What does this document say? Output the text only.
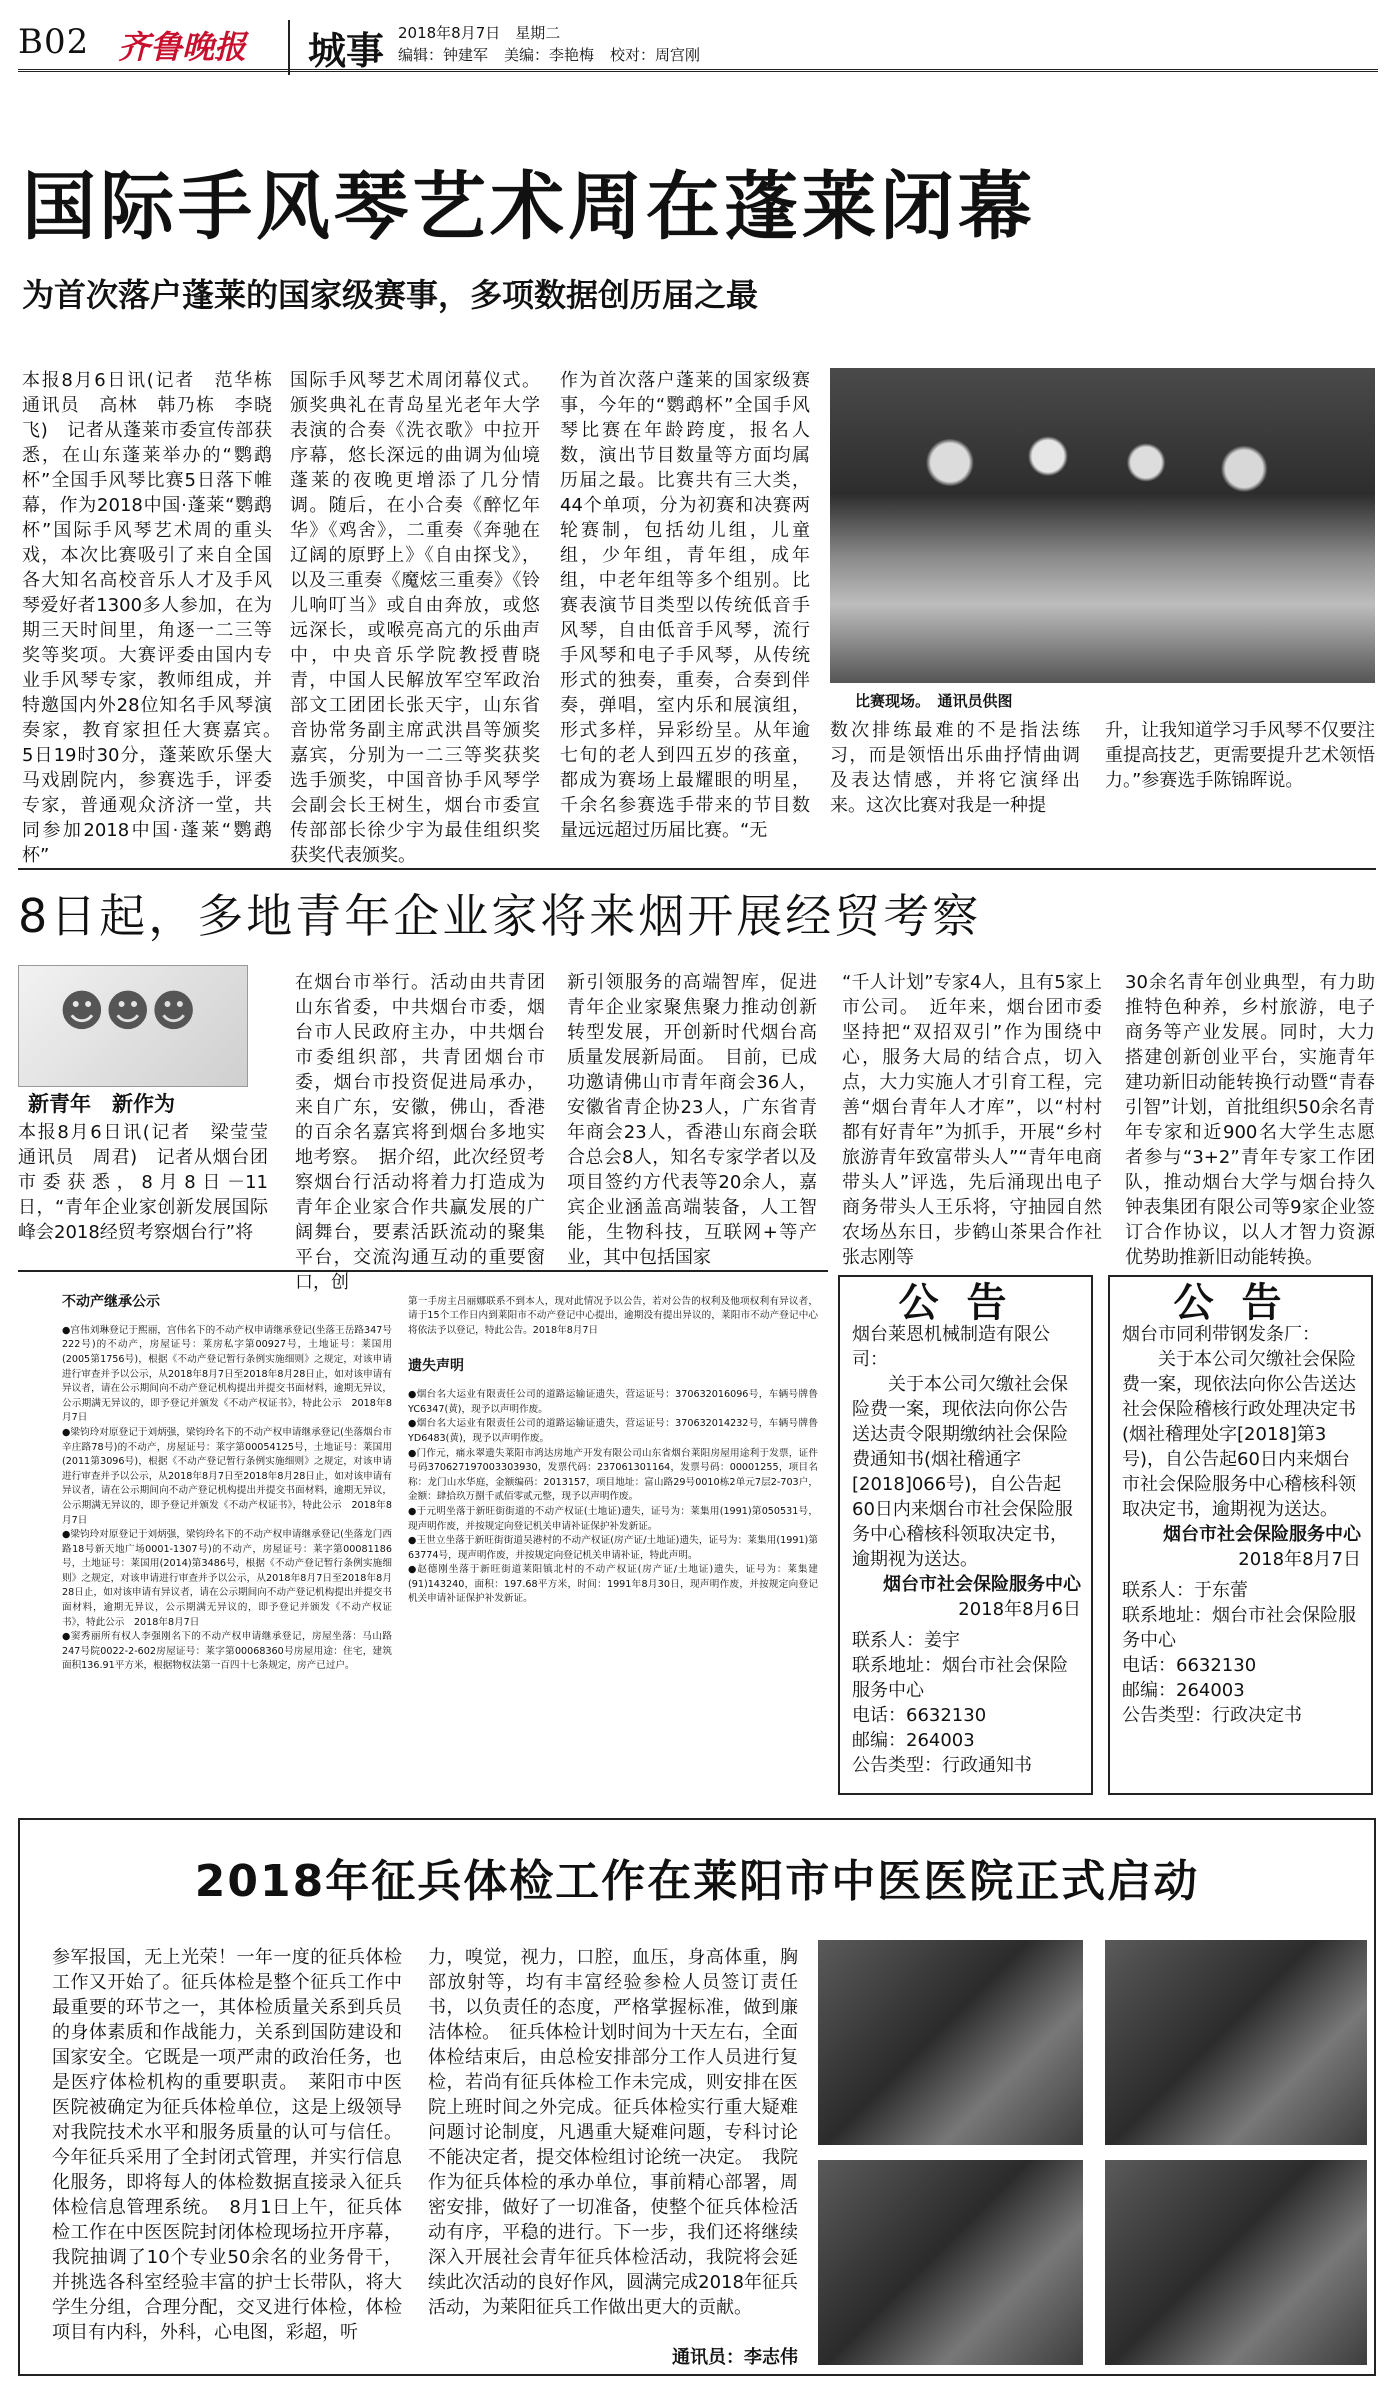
B02 齐鲁晚报	城事 2018年8月7日　 星期二
编辑：钟建军 美编：李艳梅 校对：周宫刚
国际手风琴艺术周在蓬莱闭幕
为首次落户蓬莱的国家级赛事，多项数据创历届之最
本报8月6日讯(记者　范华栋　通讯员　高林　韩乃栋　李晓飞)　记者从蓬莱市委宣传部获悉，在山东蓬莱举办的“鹦鹉杯”全国手风琴比赛5日落下帷幕，作为2018中国·蓬莱“鹦鹉杯”国际手风琴艺术周的重头戏，本次比赛吸引了来自全国各大知名高校音乐人才及手风琴爱好者1300多人参加，在为期三天时间里，角逐一二三等奖等奖项。大赛评委由国内专业手风琴专家，教师组成，并特邀国内外28位知名手风琴演奏家，教育家担任大赛嘉宾。　5日19时30分，蓬莱欧乐堡大马戏剧院内，参赛选手，评委专家，普通观众济济一堂，共同参加2018中国·蓬莱“鹦鹉杯”
国际手风琴艺术周闭幕仪式。颁奖典礼在青岛星光老年大学表演的合奏《洗衣歌》中拉开序幕，悠长深远的曲调为仙境蓬莱的夜晚更增添了几分情调。随后，在小合奏《醉忆年华》《鸡舍》，二重奏《奔驰在辽阔的原野上》《自由探戈》，以及三重奏《魔炫三重奏》《铃儿响叮当》或自由奔放，或悠远深长，或喉亮高亢的乐曲声中，中央音乐学院教授曹晓青，中国人民解放军空军政治部文工团团长张天宇，山东省音协常务副主席武洪昌等颁奖嘉宾，分别为一二三等奖获奖选手颁奖，中国音协手风琴学会副会长王树生，烟台市委宣传部部长徐少宇为最佳组织奖获奖代表颁奖。
作为首次落户蓬莱的国家级赛事，今年的“鹦鹉杯”全国手风琴比赛在年龄跨度，报名人数，演出节目数量等方面均属历届之最。比赛共有三大类，44个单项，分为初赛和决赛两轮赛制，包括幼儿组，儿童组，少年组，青年组，成年组，中老年组等多个组别。比赛表演节目类型以传统低音手风琴，自由低音手风琴，流行手风琴和电子手风琴，从传统形式的独奏，重奏，合奏到伴奏，弹唱，室内乐和展演组，形式多样，异彩纷呈。从年逾七旬的老人到四五岁的孩童，都成为赛场上最耀眼的明星，千余名参赛选手带来的节目数量远远超过历届比赛。“无
比赛现场。　通讯员供图
数次排练最难的不是指法练习，而是领悟出乐曲抒情曲调及表达情感，并将它演绎出来。这次比赛对我是一种提
升，让我知道学习手风琴不仅要注重提高技艺，更需要提升艺术领悟力。”参赛选手陈锦晖说。
8日起，多地青年企业家将来烟开展经贸考察
☻☻☻
新青年　新作为
本报8月6日讯(记者　梁莹莹　通讯员　周君)　记者从烟台团市委获悉，8月8日－11日，“青年企业家创新发展国际峰会2018经贸考察烟台行”将
在烟台市举行。活动由共青团山东省委，中共烟台市委，烟台市人民政府主办，中共烟台市委组织部，共青团烟台市委，烟台市投资促进局承办，来自广东，安徽，佛山，香港的百余名嘉宾将到烟台多地实地考察。　据介绍，此次经贸考察烟台行活动将着力打造成为青年企业家合作共赢发展的广阔舞台，要素活跃流动的聚集平台，交流沟通互动的重要窗口，创
新引领服务的高端智库，促进青年企业家聚焦聚力推动创新转型发展，开创新时代烟台高质量发展新局面。　目前，已成功邀请佛山市青年商会36人，安徽省青企协23人，广东省青年商会23人，香港山东商会联合总会8人，知名专家学者以及项目签约方代表等20余人，嘉宾企业涵盖高端装备，人工智能，生物科技，互联网+等产业，其中包括国家
“千人计划”专家4人，且有5家上市公司。　近年来，烟台团市委坚持把“双招双引”作为围绕中心，服务大局的结合点，切入点，大力实施人才引育工程，完善“烟台青年人才库”，以“村村都有好青年”为抓手，开展“乡村旅游青年致富带头人”“青年电商带头人”评选，先后涌现出电子商务带头人王乐将，守抽园自然农场丛东日，步鹤山茶果合作社张志刚等
30余名青年创业典型，有力助推特色种养，乡村旅游，电子商务等产业发展。同时，大力搭建创新创业平台，实施青年建功新旧动能转换行动暨“青春引智”计划，首批组织50余名青年专家和近900名大学生志愿者参与“3+2”青年专家工作团队，推动烟台大学与烟台持久钟表集团有限公司等9家企业签订合作协议，以人才智力资源优势助推新旧动能转换。

不动产继承公示

●宫伟刘琳登记于熙丽，宫伟名下的不动产权申请继承登记(坐落王岳路347号222号)的不动产，房屋证号：莱房私字第00927号，土地证号：莱国用(2005第1756号)，根据《不动产登记暂行条例实施细则》之规定，对该申请进行审查并予以公示，从2018年8月7日至2018年8月28日止，如对该申请有异议者，请在公示期间向不动产登记机构提出并提交书面材料，逾期无异议，公示期满无异议的，即予登记并颁发《不动产权证书》，特此公示　2018年8月7日
●梁钧玲对原登记于刘炳强，梁钧玲名下的不动产权申请继承登记(坐落烟台市辛庄路78号)的不动产，房屋证号：莱字第00054125号，土地证号：莱国用(2011第3096号)，根据《不动产登记暂行条例实施细则》之规定，对该申请进行审查并予以公示，从2018年8月7日至2018年8月28日止，如对该申请有异议者，请在公示期间向不动产登记机构提出并提交书面材料，逾期无异议，公示期满无异议的，即予登记并颁发《不动产权证书》，特此公示　2018年8月7日
●梁钧玲对原登记于刘炳强，梁钧玲名下的不动产权申请继承登记(坐落龙门西路18号新天地广场0001-1307号)的不动产，房屋证号：莱字第00081186号，土地证号：莱国用(2014)第3486号，根据《不动产登记暂行条例实施细则》之规定，对该申请进行审查并予以公示，从2018年8月7日至2018年8月28日止，如对该申请有异议者，请在公示期间向不动产登记机构提出并提交书面材料，逾期无异议，公示期满无异议的，即予登记并颁发《不动产权证书》，特此公示　2018年8月7日
●窦秀丽所有权人李强刚名下的不动产权申请继承登记，房屋坐落：马山路247号院0022-2-602房屋证号：莱字第00068360号房屋用途：住宅，建筑面积136.91平方米，根据物权法第一百四十七条规定，房产已过户。

第一手房主吕丽娜联系不到本人，现对此情况予以公告，若对公告的权利及他项权利有异议者，请于15个工作日内到莱阳市不动产登记中心提出，逾期没有提出异议的，莱阳市不动产登记中心将依法予以登记，特此公告。2018年8月7日

遗失声明

●烟台名大运业有限责任公司的道路运输证遗失，营运证号：370632016096号，车辆号牌鲁YC6347(黄)，现予以声明作废。
●烟台名大运业有限责任公司的道路运输证遗失，营运证号：370632014232号，车辆号牌鲁YD6483(黄)，现予以声明作废。
●门作元，痛永翠遗失莱阳市鸿达房地产开发有限公司山东省烟台莱阳房屋用途利于发票，证件号码370627197003303930，发票代码：237061301164，发票号码：00001255，项目名称：龙门山水华庭，金额编码：2013157，项目地址：富山路29号0010栋2单元7层2-703户，金额：肆拾玖万捌千贰佰零贰元整，现予以声明作废。
●于元明坐落于新旺街街道的不动产权证(土地证)遗失，证号为：莱集用(1991)第050531号，现声明作废，并按规定向登记机关申请补证保护补发新证。
●王世立坐落于新旺街街道吴港村的不动产权证(房产证/土地证)遗失，证号为：莱集用(1991)第63774号，现声明作废，并按规定向登记机关申请补证，特此声明。
●赵德刚坐落于新旺街道莱阳镇北村的不动产权证(房产证/土地证)遗失，证号为：莱集建(91)143240，面积：197.68平方米，时间：1991年8月30日，现声明作废，并按规定向登记机关申请补证保护补发新证。

公告
烟台莱恩机械制造有限公司：
关于本公司欠缴社会保险费一案，现依法向你公告送达责令限期缴纳社会保险费通知书(烟社稽通字[2018]066号)，自公告起60日内来烟台市社会保险服务中心稽核科领取决定书，逾期视为送达。
烟台市社会保险服务中心
2018年8月6日
联系人：姜宇
联系地址：烟台市社会保险服务中心
电话：6632130
邮编：264003
公告类型：行政通知书
公告
烟台市同利带钢发条厂：
关于本公司欠缴社会保险费一案，现依法向你公告送达社会保险稽核行政处理决定书(烟社稽理处字[2018]第3号)，自公告起60日内来烟台市社会保险服务中心稽核科领取决定书，逾期视为送达。
烟台市社会保险服务中心
2018年8月7日
联系人：于东蕾
联系地址：烟台市社会保险服务中心
电话：6632130
邮编：264003
公告类型：行政决定书
2018年征兵体检工作在莱阳市中医医院正式启动
参军报国，无上光荣！一年一度的征兵体检工作又开始了。征兵体检是整个征兵工作中最重要的环节之一，其体检质量关系到兵员的身体素质和作战能力，关系到国防建设和国家安全。它既是一项严肃的政治任务，也是医疗体检机构的重要职责。　莱阳市中医医院被确定为征兵体检单位，这是上级领导对我院技术水平和服务质量的认可与信任。今年征兵采用了全封闭式管理，并实行信息化服务，即将每人的体检数据直接录入征兵体检信息管理系统。　8月1日上午，征兵体检工作在中医医院封闭体检现场拉开序幕，我院抽调了10个专业50余名的业务骨干，并挑选各科室经验丰富的护士长带队，将大学生分组，合理分配，交叉进行体检，体检项目有内科，外科，心电图，彩超，听
力，嗅觉，视力，口腔，血压，身高体重，胸部放射等，均有丰富经验参检人员签订责任书，以负责任的态度，严格掌握标准，做到廉洁体检。　征兵体检计划时间为十天左右，全面体检结束后，由总检安排部分工作人员进行复检，若尚有征兵体检工作未完成，则安排在医院上班时间之外完成。征兵体检实行重大疑难问题讨论制度，凡遇重大疑难问题，专科讨论不能决定者，提交体检组讨论统一决定。　我院作为征兵体检的承办单位，事前精心部署，周密安排，做好了一切准备，使整个征兵体检活动有序，平稳的进行。下一步，我们还将继续深入开展社会青年征兵体检活动，我院将会延续此次活动的良好作风，圆满完成2018年征兵活动，为莱阳征兵工作做出更大的贡献。
通讯员：李志伟
